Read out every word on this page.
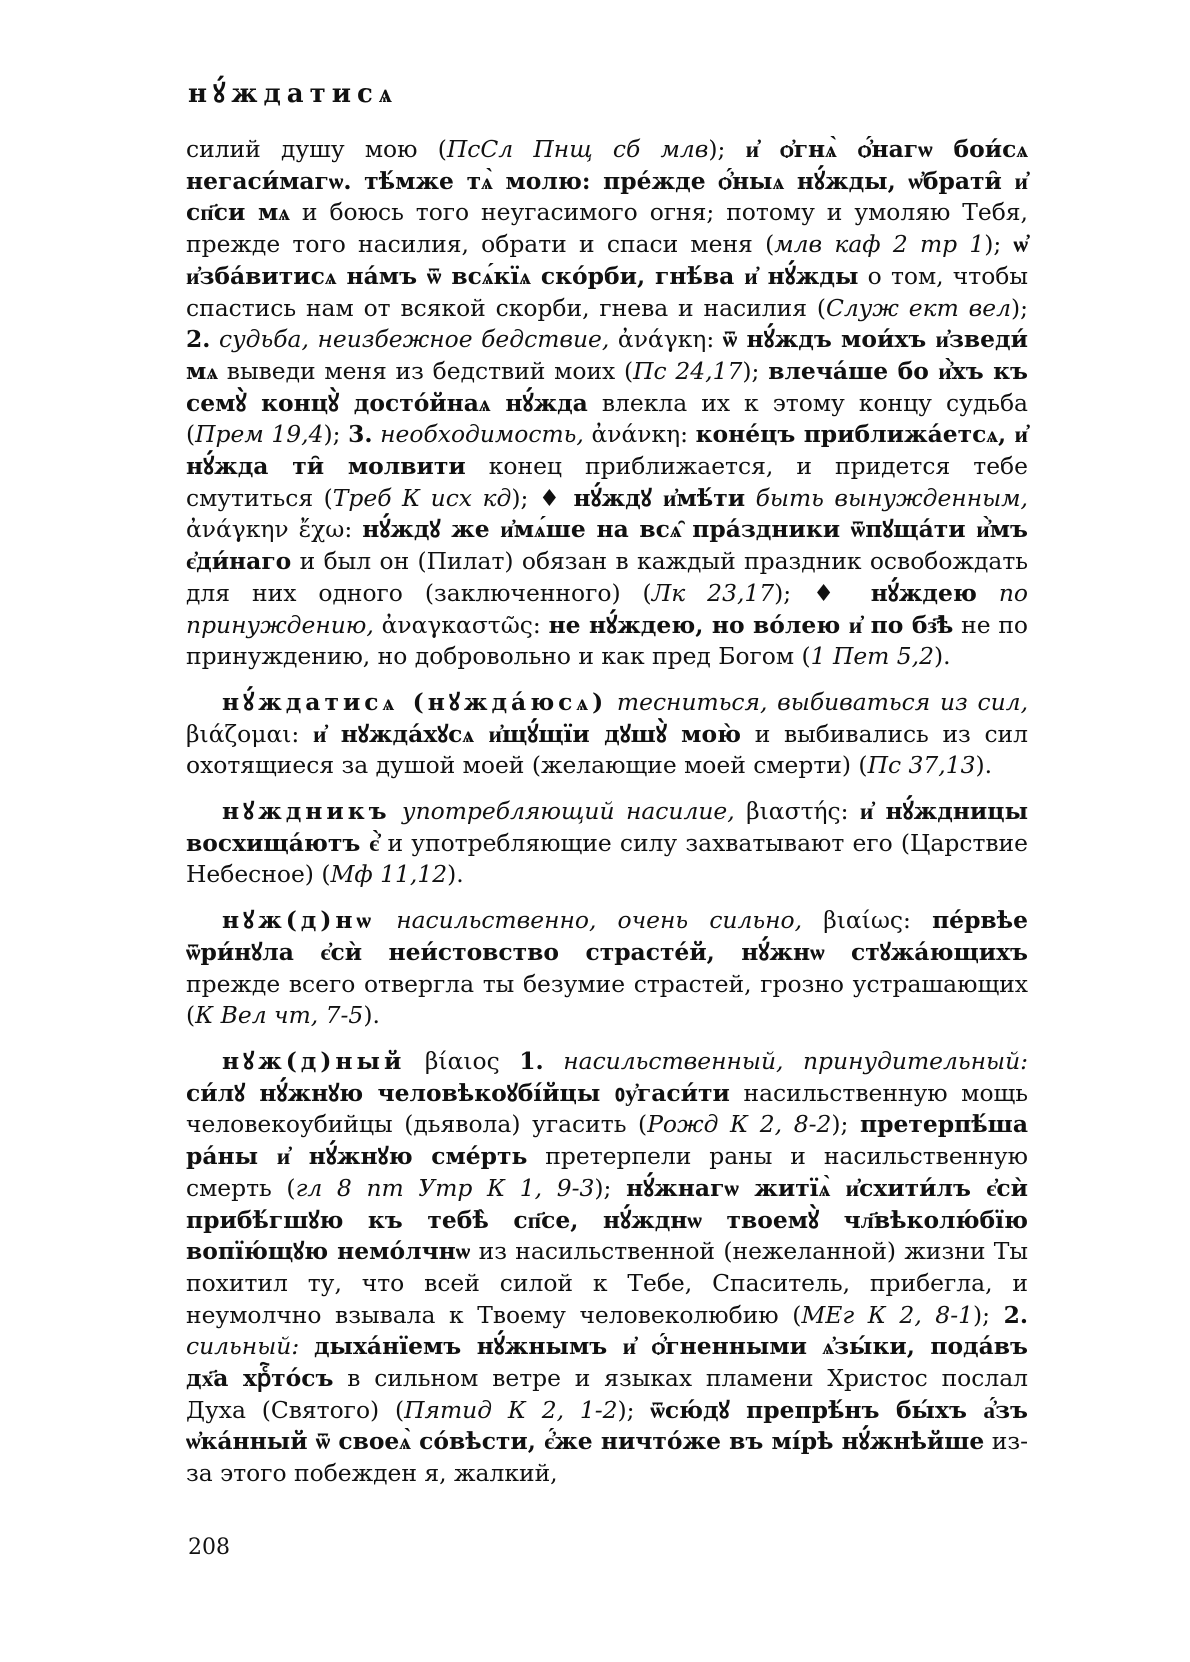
нꙋ́ждатисѧ

силий душу мою (ПсСл Пнщ сб млв); и҆ ѻ҆гнѧ̀ ѻ҆́нагѡ бои́сѧ негаси́магѡ. тѣ́мже тѧ̀ молю: пре́жде ѻ҆́ныѧ нꙋ́жды, ѡ҆брати̑ и҆ сп҃си мѧ и боюсь того неугасимого огня; потому и умоляю Тебя, прежде того насилия, обрати и спаси меня (млв каф 2 тр 1); ѡ҆ и҆зба́витисѧ на́мъ ѿ всѧ́кїѧ ско́рби, гнѣ́ва и҆ нꙋ́жды о том, чтобы спастись нам от всякой скорби, гнева и насилия (Служ ект вел); 2. судьба, неизбежное бедствие, ἀνάγκη: ѿ нꙋ́ждъ мои́хъ и҆зведи́ мѧ выведи меня из бедствий моих (Пс 24,17); влеча́ше бо и҆̀хъ къ семꙋ̀ концꙋ̀ досто́йнаѧ нꙋ́жда влекла их к этому концу судьба (Прем 19,4); 3. необходимость, ἀνάνκη: коне́цъ приближа́етсѧ, и҆ нꙋ́жда ти̑ молвити конец приближается, и придется тебе смутиться (Треб К исх кд); ♦ нꙋ́ждꙋ и҆мѣ́ти быть вынужденным, ἀνάγκην ἔχω: нꙋ́ждꙋ же и҆мѧ́ше на всѧ̑ пра́здники ѿпꙋща́ти и҆̀мъ є҆ди́наго и был он (Пилат) обязан в каждый праздник освобождать для них одного (заключенного) (Лк 23,17); ♦ нꙋ́ждею по принуждению, ἀναγκαστῶς: не нꙋ́ждею, но во́лею и҆ по бз҃ѣ не по принуждению, но добровольно и как пред Богом (1 Пет 5,2).

нꙋ́ждатисѧ (нꙋжда́юсѧ) тесниться, выбиваться из сил, βιάζομαι: и҆ нꙋжда́хꙋсѧ и҆щꙋ́щїи дꙋшꙋ̀ мою̀ и выбивались из сил охотящиеся за душой моей (желающие моей смерти) (Пс 37,13).

нꙋждникъ употребляющий насилие, βιαστής: и҆ нꙋ́ждницы восхища́ютъ є҆̀ и употребляющие силу захватывают его (Царствие Небесное) (Мф 11,12).

нꙋж(д)нѡ насильственно, очень сильно, βιαίως: пе́рвѣе ѿри́нꙋла є҆сѝ неи́стовство страсте́й, нꙋ́жнѡ стꙋжа́ющихъ прежде всего отвергла ты безумие страстей, грозно устрашающих (К Вел чт, 7-5).

нꙋж(д)ный βίαιος 1. насильственный, принудительный: си́лꙋ нꙋ́жнꙋю человѣкоꙋбі́йцы ᲂу҆гаси́ти насильственную мощь человекоубийцы (дьявола) угасить (Рожд К 2, 8-2); претерпѣ́ша ра́ны и҆ нꙋ́жнꙋю сме́рть претерпели раны и насильственную смерть (гл 8 пт Утр К 1, 9-3); нꙋ́жнагѡ житїѧ̀ и҆схити́лъ є҆сѝ прибѣ́гшꙋю къ тебѣ̀ сп҃се, нꙋ́ждн​ѡ твоемꙋ̀ чл҃вѣколю́бїю вопїю́щꙋю немо́лчнѡ из насильственной (нежеланной) жизни Ты похитил ту, что всей силой к Тебе, Спаситель, прибегла, и неумолчно взывала к Твоему человеколюбию (МЕг К 2, 8-1); 2. сильный: дыха́нїемъ нꙋ́жнымъ и҆ ѻ҆́гненными ѧ҆зы́ки, пода́въ дх҃а хрⷭ҇то́съ в сильном ветре и языках пламени Христос послал Духа (Святого) (Пятид К 2, 1-2); ѿсю́дꙋ препрѣ́нъ бы́хъ а҆́зъ ѡ҆ка́нный ѿ своеѧ̀ со́вѣсти, є҆́же ничто́же въ мі́рѣ нꙋ́жнѣйше из-за этого побежден я, жалкий,

208
